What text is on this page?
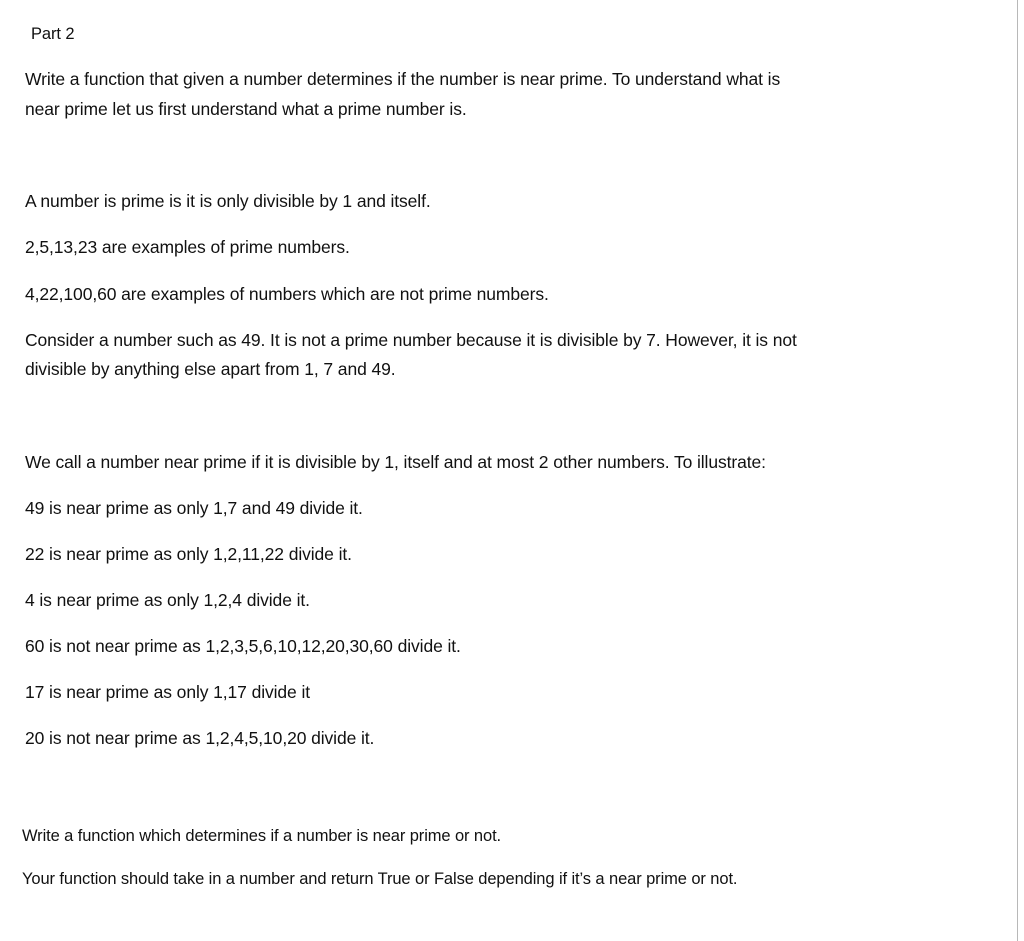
Part 2

Write a function that given a number determines if the number is near prime. To understand what is

near prime let us first understand what a prime number is.

A number is prime is it is only divisible by 1 and itself.

2,5,13,23 are examples of prime numbers.

4,22,100,60 are examples of numbers which are not prime numbers.

Consider a number such as 49. It is not a prime number because it is divisible by 7. However, it is not

divisible by anything else apart from 1, 7 and 49.

We call a number near prime if it is divisible by 1, itself and at most 2 other numbers. To illustrate:

49 is near prime as only 1,7 and 49 divide it.

22 is near prime as only 1,2,11,22 divide it.

4 is near prime as only 1,2,4 divide it.

60 is not near prime as 1,2,3,5,6,10,12,20,30,60 divide it.

17 is near prime as only 1,17 divide it

20 is not near prime as 1,2,4,5,10,20 divide it.

Write a function which determines if a number is near prime or not.

Your function should take in a number and return True or False depending if it’s a near prime or not.
